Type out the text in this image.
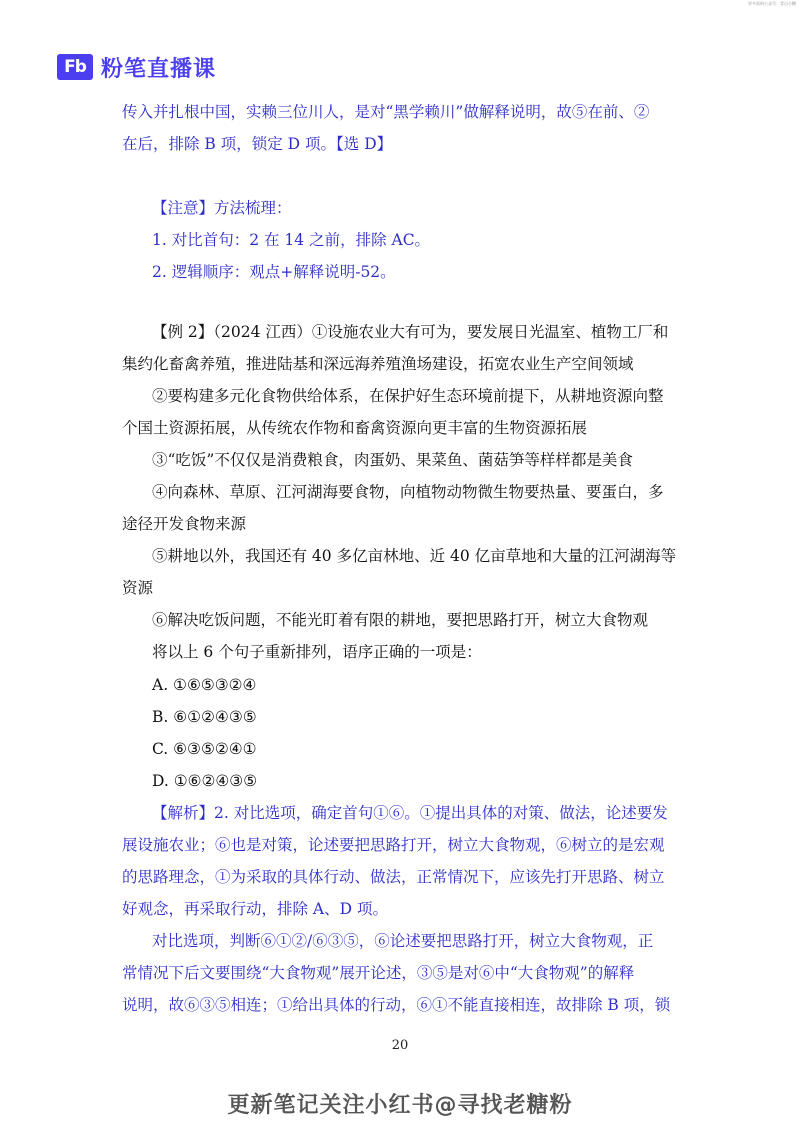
更多资料公众号：青山小糖
Fb 粉笔直播课
传入并扎根中国，实赖三位川人，是对“黑学赖川”做解释说明，故⑤在前、②
在后，排除 B 项，锁定 D 项。【选 D】
【注意】方法梳理：
1. 对比首句：2 在 14 之前，排除 AC。
2. 逻辑顺序：观点+解释说明-52。
【例 2】（2024 江西）①设施农业大有可为，要发展日光温室、植物工厂和
集约化畜禽养殖，推进陆基和深远海养殖渔场建设，拓宽农业生产空间领域
②要构建多元化食物供给体系，在保护好生态环境前提下，从耕地资源向整
个国土资源拓展，从传统农作物和畜禽资源向更丰富的生物资源拓展
③“吃饭”不仅仅是消费粮食，肉蛋奶、果菜鱼、菌菇笋等样样都是美食
④向森林、草原、江河湖海要食物，向植物动物微生物要热量、要蛋白，多
途径开发食物来源
⑤耕地以外，我国还有 40 多亿亩林地、近 40 亿亩草地和大量的江河湖海等
资源
⑥解决吃饭问题，不能光盯着有限的耕地，要把思路打开，树立大食物观
将以上 6 个句子重新排列，语序正确的一项是：
A. ①⑥⑤③②④
B. ⑥①②④③⑤
C. ⑥③⑤②④①
D. ①⑥②④③⑤
【解析】2. 对比选项，确定首句①⑥。①提出具体的对策、做法，论述要发
展设施农业；⑥也是对策，论述要把思路打开，树立大食物观，⑥树立的是宏观
的思路理念，①为采取的具体行动、做法，正常情况下，应该先打开思路、树立
好观念，再采取行动，排除 A、D 项。
对比选项，判断⑥①②/⑥③⑤，⑥论述要把思路打开，树立大食物观，正
常情况下后文要围绕“大食物观”展开论述，③⑤是对⑥中“大食物观”的解释
说明，故⑥③⑤相连；①给出具体的行动，⑥①不能直接相连，故排除 B 项，锁
20
更新笔记关注小红书@寻找老糖粉
